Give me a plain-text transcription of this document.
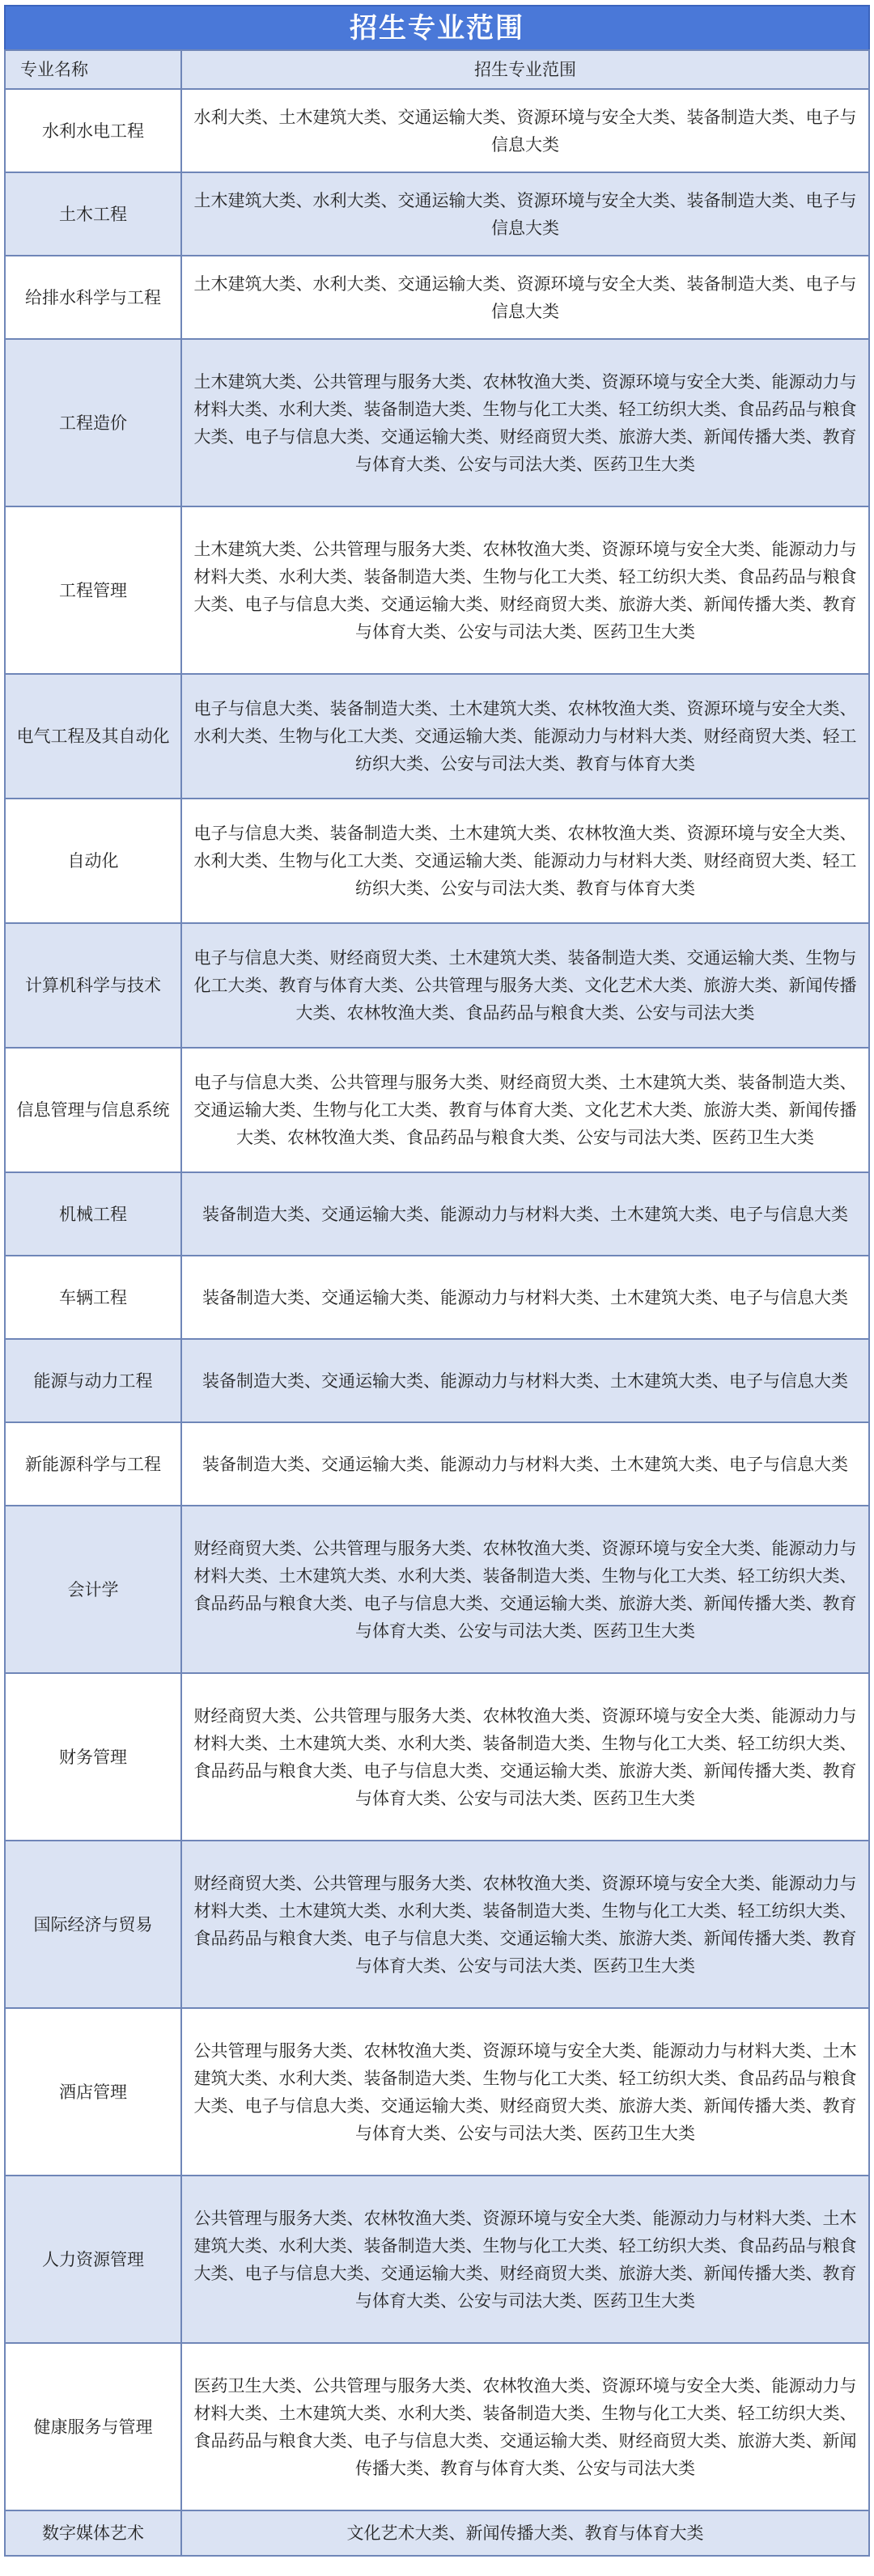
招生专业范围
专业名称	招生专业范围
水利水电工程	水利大类、土木建筑大类、交通运输大类、资源环境与安全大类、装备制造大类、电子与信息大类
土木工程	土木建筑大类、水利大类、交通运输大类、资源环境与安全大类、装备制造大类、电子与信息大类
给排水科学与工程	土木建筑大类、水利大类、交通运输大类、资源环境与安全大类、装备制造大类、电子与信息大类
工程造价	土木建筑大类、公共管理与服务大类、农林牧渔大类、资源环境与安全大类、能源动力与材料大类、水利大类、装备制造大类、生物与化工大类、轻工纺织大类、食品药品与粮食大类、电子与信息大类、交通运输大类、财经商贸大类、旅游大类、新闻传播大类、教育与体育大类、公安与司法大类、医药卫生大类
工程管理	土木建筑大类、公共管理与服务大类、农林牧渔大类、资源环境与安全大类、能源动力与材料大类、水利大类、装备制造大类、生物与化工大类、轻工纺织大类、食品药品与粮食大类、电子与信息大类、交通运输大类、财经商贸大类、旅游大类、新闻传播大类、教育与体育大类、公安与司法大类、医药卫生大类
电气工程及其自动化	电子与信息大类、装备制造大类、土木建筑大类、农林牧渔大类、资源环境与安全大类、水利大类、生物与化工大类、交通运输大类、能源动力与材料大类、财经商贸大类、轻工纺织大类、公安与司法大类、教育与体育大类
自动化	电子与信息大类、装备制造大类、土木建筑大类、农林牧渔大类、资源环境与安全大类、水利大类、生物与化工大类、交通运输大类、能源动力与材料大类、财经商贸大类、轻工纺织大类、公安与司法大类、教育与体育大类
计算机科学与技术	电子与信息大类、财经商贸大类、土木建筑大类、装备制造大类、交通运输大类、生物与化工大类、教育与体育大类、公共管理与服务大类、文化艺术大类、旅游大类、新闻传播大类、农林牧渔大类、食品药品与粮食大类、公安与司法大类
信息管理与信息系统	电子与信息大类、公共管理与服务大类、财经商贸大类、土木建筑大类、装备制造大类、交通运输大类、生物与化工大类、教育与体育大类、文化艺术大类、旅游大类、新闻传播大类、农林牧渔大类、食品药品与粮食大类、公安与司法大类、医药卫生大类
机械工程	装备制造大类、交通运输大类、能源动力与材料大类、土木建筑大类、电子与信息大类
车辆工程	装备制造大类、交通运输大类、能源动力与材料大类、土木建筑大类、电子与信息大类
能源与动力工程	装备制造大类、交通运输大类、能源动力与材料大类、土木建筑大类、电子与信息大类
新能源科学与工程	装备制造大类、交通运输大类、能源动力与材料大类、土木建筑大类、电子与信息大类
会计学	财经商贸大类、公共管理与服务大类、农林牧渔大类、资源环境与安全大类、能源动力与材料大类、土木建筑大类、水利大类、装备制造大类、生物与化工大类、轻工纺织大类、食品药品与粮食大类、电子与信息大类、交通运输大类、旅游大类、新闻传播大类、教育与体育大类、公安与司法大类、医药卫生大类
财务管理	财经商贸大类、公共管理与服务大类、农林牧渔大类、资源环境与安全大类、能源动力与材料大类、土木建筑大类、水利大类、装备制造大类、生物与化工大类、轻工纺织大类、食品药品与粮食大类、电子与信息大类、交通运输大类、旅游大类、新闻传播大类、教育与体育大类、公安与司法大类、医药卫生大类
国际经济与贸易	财经商贸大类、公共管理与服务大类、农林牧渔大类、资源环境与安全大类、能源动力与材料大类、土木建筑大类、水利大类、装备制造大类、生物与化工大类、轻工纺织大类、食品药品与粮食大类、电子与信息大类、交通运输大类、旅游大类、新闻传播大类、教育与体育大类、公安与司法大类、医药卫生大类
酒店管理	公共管理与服务大类、农林牧渔大类、资源环境与安全大类、能源动力与材料大类、土木建筑大类、水利大类、装备制造大类、生物与化工大类、轻工纺织大类、食品药品与粮食大类、电子与信息大类、交通运输大类、财经商贸大类、旅游大类、新闻传播大类、教育与体育大类、公安与司法大类、医药卫生大类
人力资源管理	公共管理与服务大类、农林牧渔大类、资源环境与安全大类、能源动力与材料大类、土木建筑大类、水利大类、装备制造大类、生物与化工大类、轻工纺织大类、食品药品与粮食大类、电子与信息大类、交通运输大类、财经商贸大类、旅游大类、新闻传播大类、教育与体育大类、公安与司法大类、医药卫生大类
健康服务与管理	医药卫生大类、公共管理与服务大类、农林牧渔大类、资源环境与安全大类、能源动力与材料大类、土木建筑大类、水利大类、装备制造大类、生物与化工大类、轻工纺织大类、食品药品与粮食大类、电子与信息大类、交通运输大类、财经商贸大类、旅游大类、新闻传播大类、教育与体育大类、公安与司法大类
数字媒体艺术	文化艺术大类、新闻传播大类、教育与体育大类
